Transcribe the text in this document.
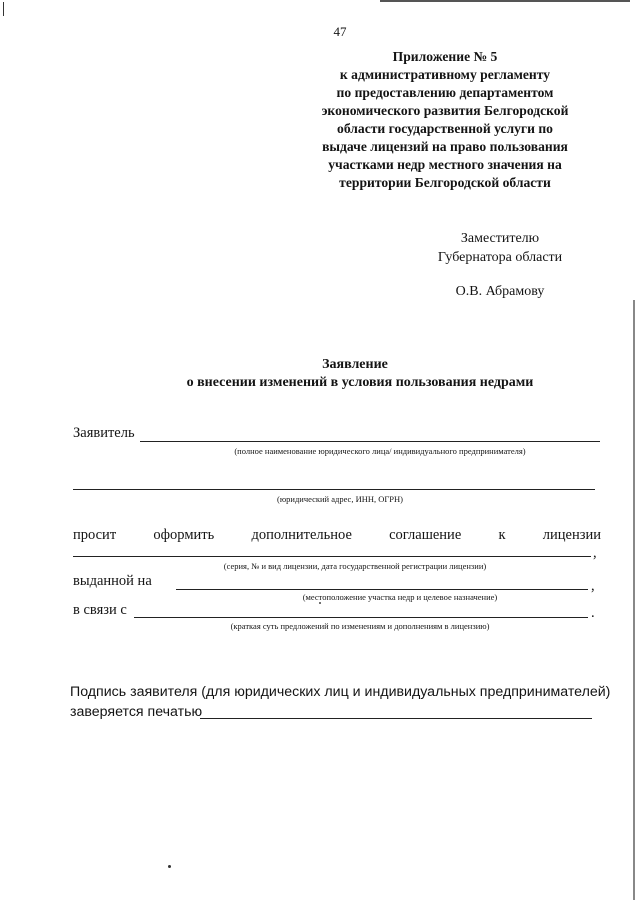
47
Приложение № 5
к административному регламенту
по предоставлению департаментом
экономического развития Белгородской
области государственной услуги по
выдаче лицензий на право пользования
участками недр местного значения на
территории Белгородской области
Заместителю
Губернатора области
О.В. Абрамову
Заявление
о внесении изменений в условия пользования недрами
Заявитель
(полное наименование юридического лица/ индивидуального предпринимателя)
(юридический адрес, ИНН, ОГРН)
просит	оформить	дополнительное	соглашение	к	лицензии
,
(серия, № и вид лицензии, дата государственной регистрации лицензии)
выданной на	,
(местоположение участка недр и целевое назначение)
в связи с	.
(краткая суть предложений по изменениям и дополнениям в лицензию)
Подпись заявителя (для юридических лиц и индивидуальных предпринимателей)
заверяется печатью
